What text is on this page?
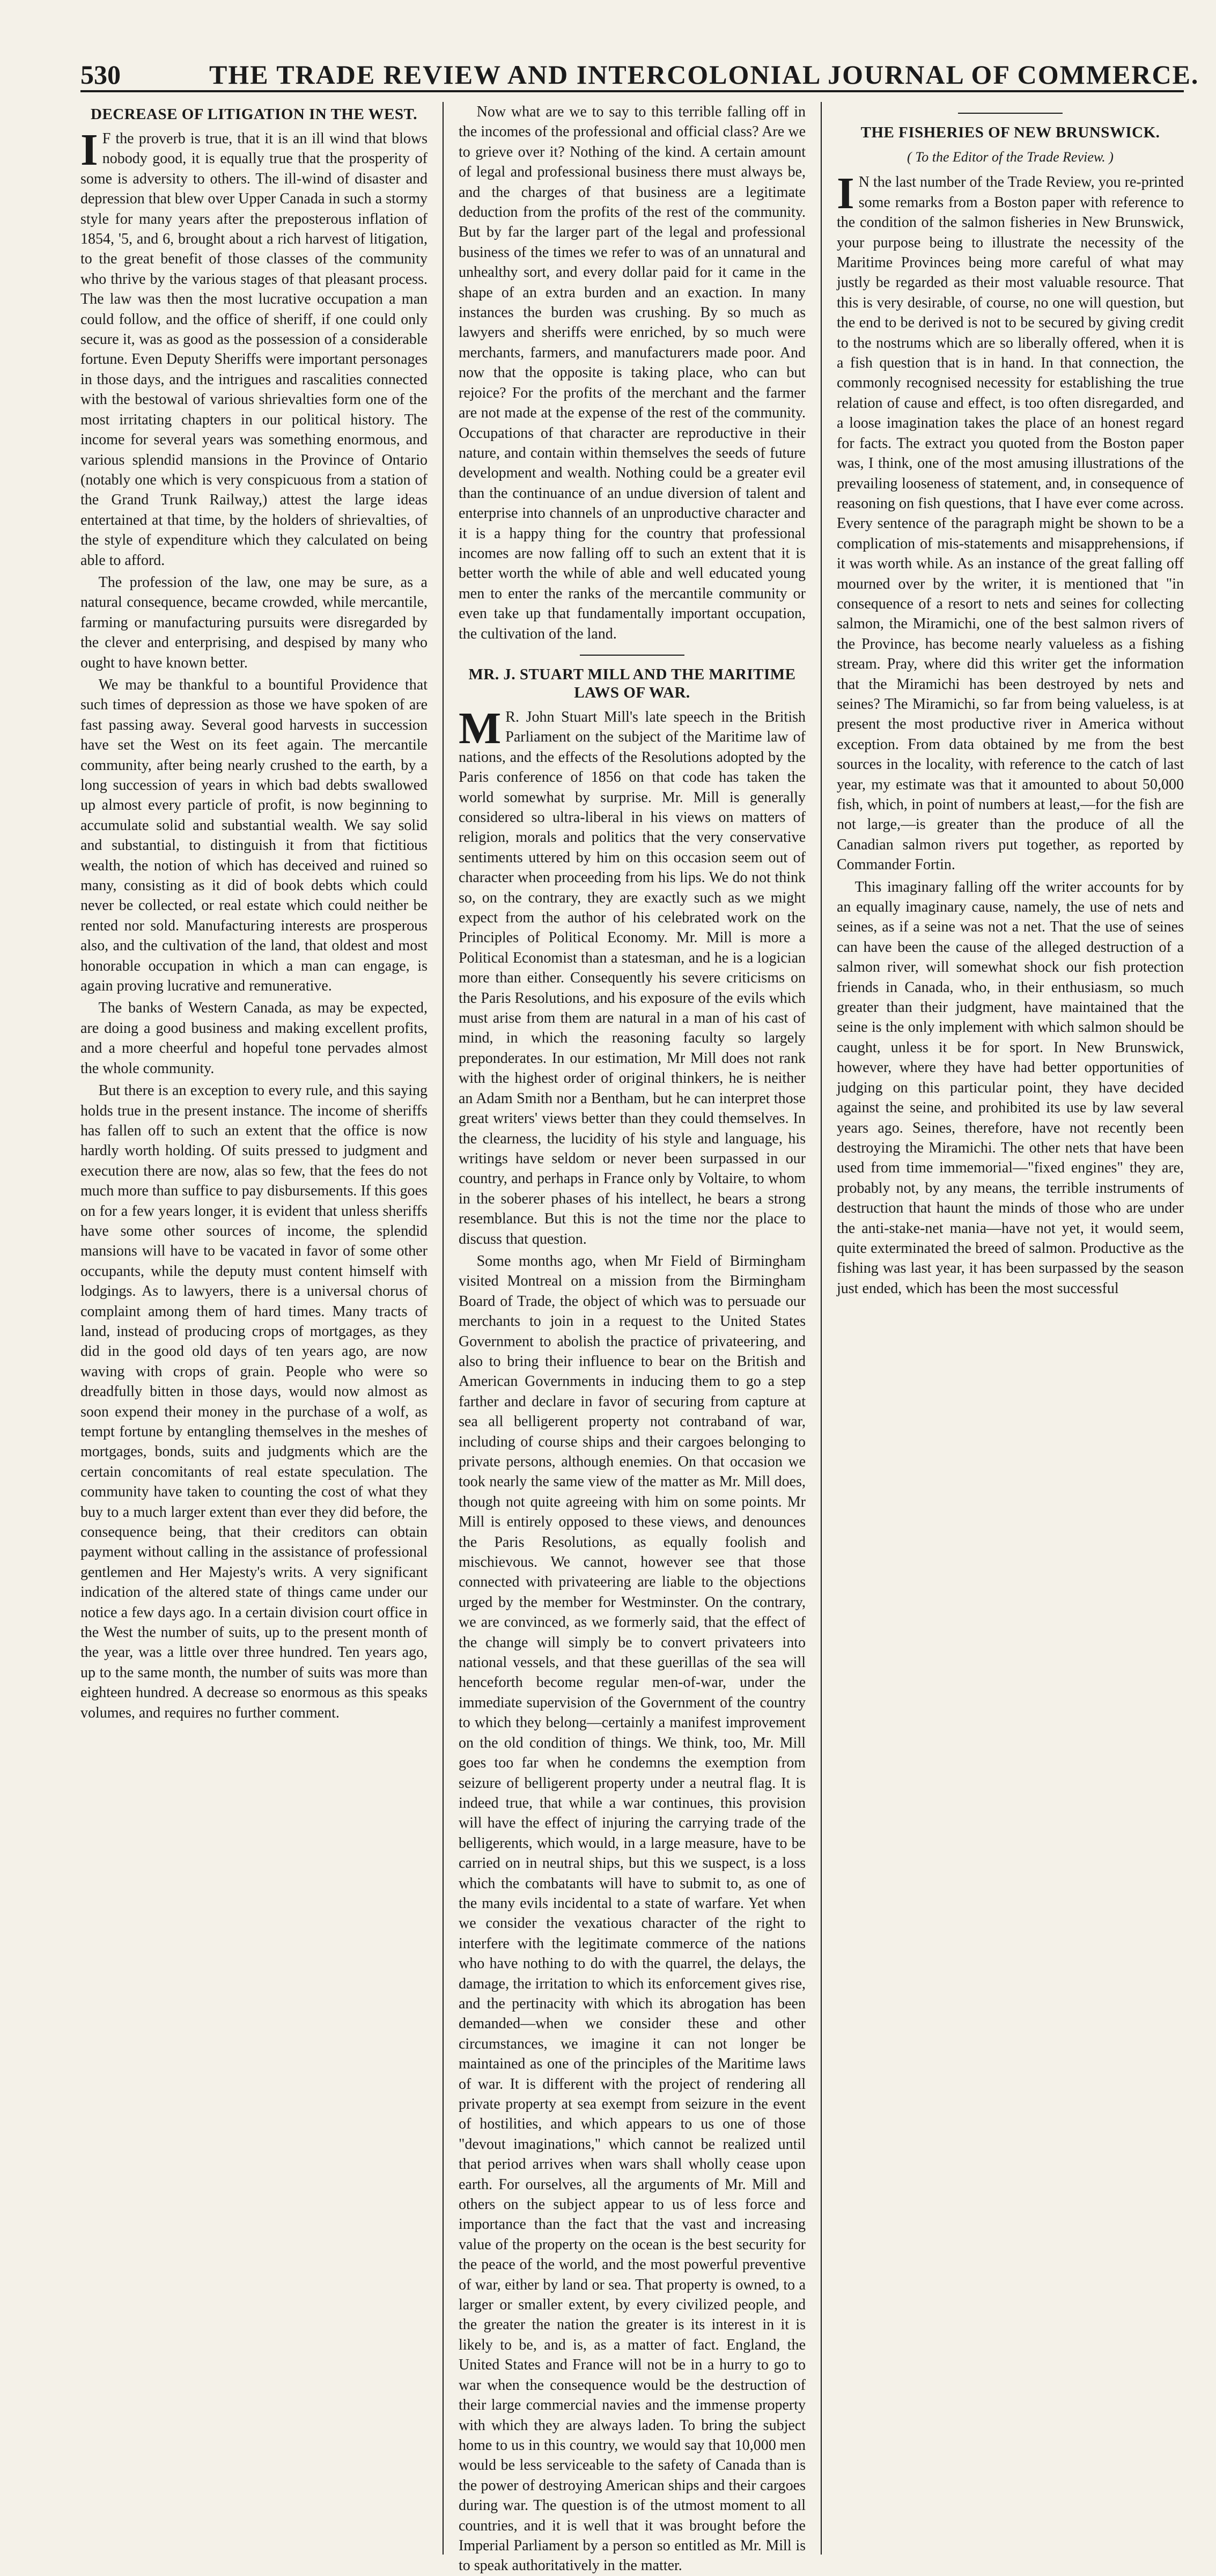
530	THE TRADE REVIEW AND INTERCOLONIAL JOURNAL OF COMMERCE.
DECREASE OF LITIGATION IN THE WEST.

I F the proverb is true, that it is an ill wind that blows nobody good, it is equally true that the prosperity of some is adversity to others. The ill-wind of disaster and depression that blew over Upper Canada in such a stormy style for many years after the preposterous inflation of 1854, '5, and 6, brought about a rich harvest of litigation, to the great benefit of those classes of the community who thrive by the various stages of that pleasant process. The law was then the most lucrative occupation a man could follow, and the office of sheriff, if one could only secure it, was as good as the possession of a considerable fortune. Even Deputy Sheriffs were important personages in those days, and the intrigues and rascalities connected with the bestowal of various shrievalties form one of the most irritating chapters in our political history. The income for several years was something enormous, and various splendid mansions in the Province of Ontario (notably one which is very conspicuous from a station of the Grand Trunk Railway,) attest the large ideas entertained at that time, by the holders of shrievalties, of the style of expenditure which they calculated on being able to afford.

The profession of the law, one may be sure, as a natural consequence, became crowded, while mercantile, farming or manufacturing pursuits were disregarded by the clever and enterprising, and despised by many who ought to have known better.

We may be thankful to a bountiful Providence that such times of depression as those we have spoken of are fast passing away. Several good harvests in succession have set the West on its feet again. The mercantile community, after being nearly crushed to the earth, by a long succession of years in which bad debts swallowed up almost every particle of profit, is now beginning to accumulate solid and substantial wealth. We say solid and substantial, to distinguish it from that fictitious wealth, the notion of which has deceived and ruined so many, consisting as it did of book debts which could never be collected, or real estate which could neither be rented nor sold. Manufacturing interests are prosperous also, and the cultivation of the land, that oldest and most honorable occupation in which a man can engage, is again proving lucrative and remunerative.

The banks of Western Canada, as may be expected, are doing a good business and making excellent profits, and a more cheerful and hopeful tone pervades almost the whole community.

But there is an exception to every rule, and this saying holds true in the present instance. The income of sheriffs has fallen off to such an extent that the office is now hardly worth holding. Of suits pressed to judgment and execution there are now, alas so few, that the fees do not much more than suffice to pay disbursements. If this goes on for a few years longer, it is evident that unless sheriffs have some other sources of income, the splendid mansions will have to be vacated in favor of some other occupants, while the deputy must content himself with lodgings. As to lawyers, there is a universal chorus of complaint among them of hard times. Many tracts of land, instead of producing crops of mortgages, as they did in the good old days of ten years ago, are now waving with crops of grain. People who were so dreadfully bitten in those days, would now almost as soon expend their money in the purchase of a wolf, as tempt fortune by entangling themselves in the meshes of mortgages, bonds, suits and judgments which are the certain concomitants of real estate speculation. The community have taken to counting the cost of what they buy to a much larger extent than ever they did before, the consequence being, that their creditors can obtain payment without calling in the assistance of professional gentlemen and Her Majesty's writs. A very significant indication of the altered state of things came under our notice a few days ago. In a certain division court office in the West the number of suits, up to the present month of the year, was a little over three hundred. Ten years ago, up to the same month, the number of suits was more than eighteen hundred. A decrease so enormous as this speaks volumes, and requires no further comment.

Now what are we to say to this terrible falling off in the incomes of the professional and official class? Are we to grieve over it? Nothing of the kind. A certain amount of legal and professional business there must always be, and the charges of that business are a legitimate deduction from the profits of the rest of the community. But by far the larger part of the legal and professional business of the times we refer to was of an unnatural and unhealthy sort, and every dollar paid for it came in the shape of an extra burden and an exaction. In many instances the burden was crushing. By so much as lawyers and sheriffs were enriched, by so much were merchants, farmers, and manufacturers made poor. And now that the opposite is taking place, who can but rejoice? For the profits of the merchant and the farmer are not made at the expense of the rest of the community. Occupations of that character are reproductive in their nature, and contain within themselves the seeds of future development and wealth. Nothing could be a greater evil than the continuance of an undue diversion of talent and enterprise into channels of an unproductive character and it is a happy thing for the country that professional incomes are now falling off to such an extent that it is better worth the while of able and well educated young men to enter the ranks of the mercantile community or even take up that fundamentally important occupation, the cultivation of the land.

MR. J. STUART MILL AND THE MARITIME LAWS OF WAR.

M R. John Stuart Mill's late speech in the British Parliament on the subject of the Maritime law of nations, and the effects of the Resolutions adopted by the Paris conference of 1856 on that code has taken the world somewhat by surprise. Mr. Mill is generally considered so ultra-liberal in his views on matters of religion, morals and politics that the very conservative sentiments uttered by him on this occasion seem out of character when proceeding from his lips. We do not think so, on the contrary, they are exactly such as we might expect from the author of his celebrated work on the Principles of Political Economy. Mr. Mill is more a Political Economist than a statesman, and he is a logician more than either. Consequently his severe criticisms on the Paris Resolutions, and his exposure of the evils which must arise from them are natural in a man of his cast of mind, in which the reasoning faculty so largely preponderates. In our estimation, Mr Mill does not rank with the highest order of original thinkers, he is neither an Adam Smith nor a Bentham, but he can interpret those great writers' views better than they could themselves. In the clearness, the lucidity of his style and language, his writings have seldom or never been surpassed in our country, and perhaps in France only by Voltaire, to whom in the soberer phases of his intellect, he bears a strong resemblance. But this is not the time nor the place to discuss that question.

Some months ago, when Mr Field of Birmingham visited Montreal on a mission from the Birmingham Board of Trade, the object of which was to persuade our merchants to join in a request to the United States Government to abolish the practice of privateering, and also to bring their influence to bear on the British and American Governments in inducing them to go a step farther and declare in favor of securing from capture at sea all belligerent property not contraband of war, including of course ships and their cargoes belonging to private persons, although enemies. On that occasion we took nearly the same view of the matter as Mr. Mill does, though not quite agreeing with him on some points. Mr Mill is entirely opposed to these views, and denounces the Paris Resolutions, as equally foolish and mischievous. We cannot, however see that those connected with privateering are liable to the objections urged by the member for Westminster. On the contrary, we are convinced, as we formerly said, that the effect of the change will simply be to convert privateers into national vessels, and that these guerillas of the sea will henceforth become regular men-of-war, under the immediate supervision of the Government of the country to which they belong—certainly a manifest improvement on the old condition of things. We think, too, Mr. Mill goes too far when he condemns the exemption from seizure of belligerent property under a neutral flag. It is indeed true, that while a war continues, this provision will have the effect of injuring the carrying trade of the belligerents, which would, in a large measure, have to be carried on in neutral ships, but this we suspect, is a loss which the combatants will have to submit to, as one of the many evils incidental to a state of warfare. Yet when we consider the vexatious character of the right to interfere with the legitimate commerce of the nations who have nothing to do with the quarrel, the delays, the damage, the irritation to which its enforcement gives rise, and the pertinacity with which its abrogation has been demanded—when we consider these and other circumstances, we imagine it can not longer be maintained as one of the principles of the Maritime laws of war. It is different with the project of rendering all private property at sea exempt from seizure in the event of hostilities, and which appears to us one of those "devout imaginations," which cannot be realized until that period arrives when wars shall wholly cease upon earth. For ourselves, all the arguments of Mr. Mill and others on the subject appear to us of less force and importance than the fact that the vast and increasing value of the property on the ocean is the best security for the peace of the world, and the most powerful preventive of war, either by land or sea. That property is owned, to a larger or smaller extent, by every civilized people, and the greater the nation the greater is its interest in it is likely to be, and is, as a matter of fact. England, the United States and France will not be in a hurry to go to war when the consequence would be the destruction of their large commercial navies and the immense property with which they are always laden. To bring the subject home to us in this country, we would say that 10,000 men would be less serviceable to the safety of Canada than is the power of destroying American ships and their cargoes during war. The question is of the utmost moment to all countries, and it is well that it was brought before the Imperial Parliament by a person so entitled as Mr. Mill is to speak authoritatively in the matter.

THE FISHERIES OF NEW BRUNSWICK.
( To the Editor of the Trade Review. )

I N the last number of the Trade Review, you re-printed some remarks from a Boston paper with reference to the condition of the salmon fisheries in New Brunswick, your purpose being to illustrate the necessity of the Maritime Provinces being more careful of what may justly be regarded as their most valuable resource. That this is very desirable, of course, no one will question, but the end to be derived is not to be secured by giving credit to the nostrums which are so liberally offered, when it is a fish question that is in hand. In that connection, the commonly recognised necessity for establishing the true relation of cause and effect, is too often disregarded, and a loose imagination takes the place of an honest regard for facts. The extract you quoted from the Boston paper was, I think, one of the most amusing illustrations of the prevailing looseness of statement, and, in consequence of reasoning on fish questions, that I have ever come across. Every sentence of the paragraph might be shown to be a complication of mis-statements and misapprehensions, if it was worth while. As an instance of the great falling off mourned over by the writer, it is mentioned that "in consequence of a resort to nets and seines for collecting salmon, the Miramichi, one of the best salmon rivers of the Province, has become nearly valueless as a fishing stream. Pray, where did this writer get the information that the Miramichi has been destroyed by nets and seines? The Miramichi, so far from being valueless, is at present the most productive river in America without exception. From data obtained by me from the best sources in the locality, with reference to the catch of last year, my estimate was that it amounted to about 50,000 fish, which, in point of numbers at least,—for the fish are not large,—is greater than the produce of all the Canadian salmon rivers put together, as reported by Commander Fortin.

This imaginary falling off the writer accounts for by an equally imaginary cause, namely, the use of nets and seines, as if a seine was not a net. That the use of seines can have been the cause of the alleged destruction of a salmon river, will somewhat shock our fish protection friends in Canada, who, in their enthusiasm, so much greater than their judgment, have maintained that the seine is the only implement with which salmon should be caught, unless it be for sport. In New Brunswick, however, where they have had better opportunities of judging on this particular point, they have decided against the seine, and prohibited its use by law several years ago. Seines, therefore, have not recently been destroying the Miramichi. The other nets that have been used from time immemorial—"fixed engines" they are, probably not, by any means, the terrible instruments of destruction that haunt the minds of those who are under the anti-stake-net mania—have not yet, it would seem, quite exterminated the breed of salmon. Productive as the fishing was last year, it has been surpassed by the season just ended, which has been the most successful
